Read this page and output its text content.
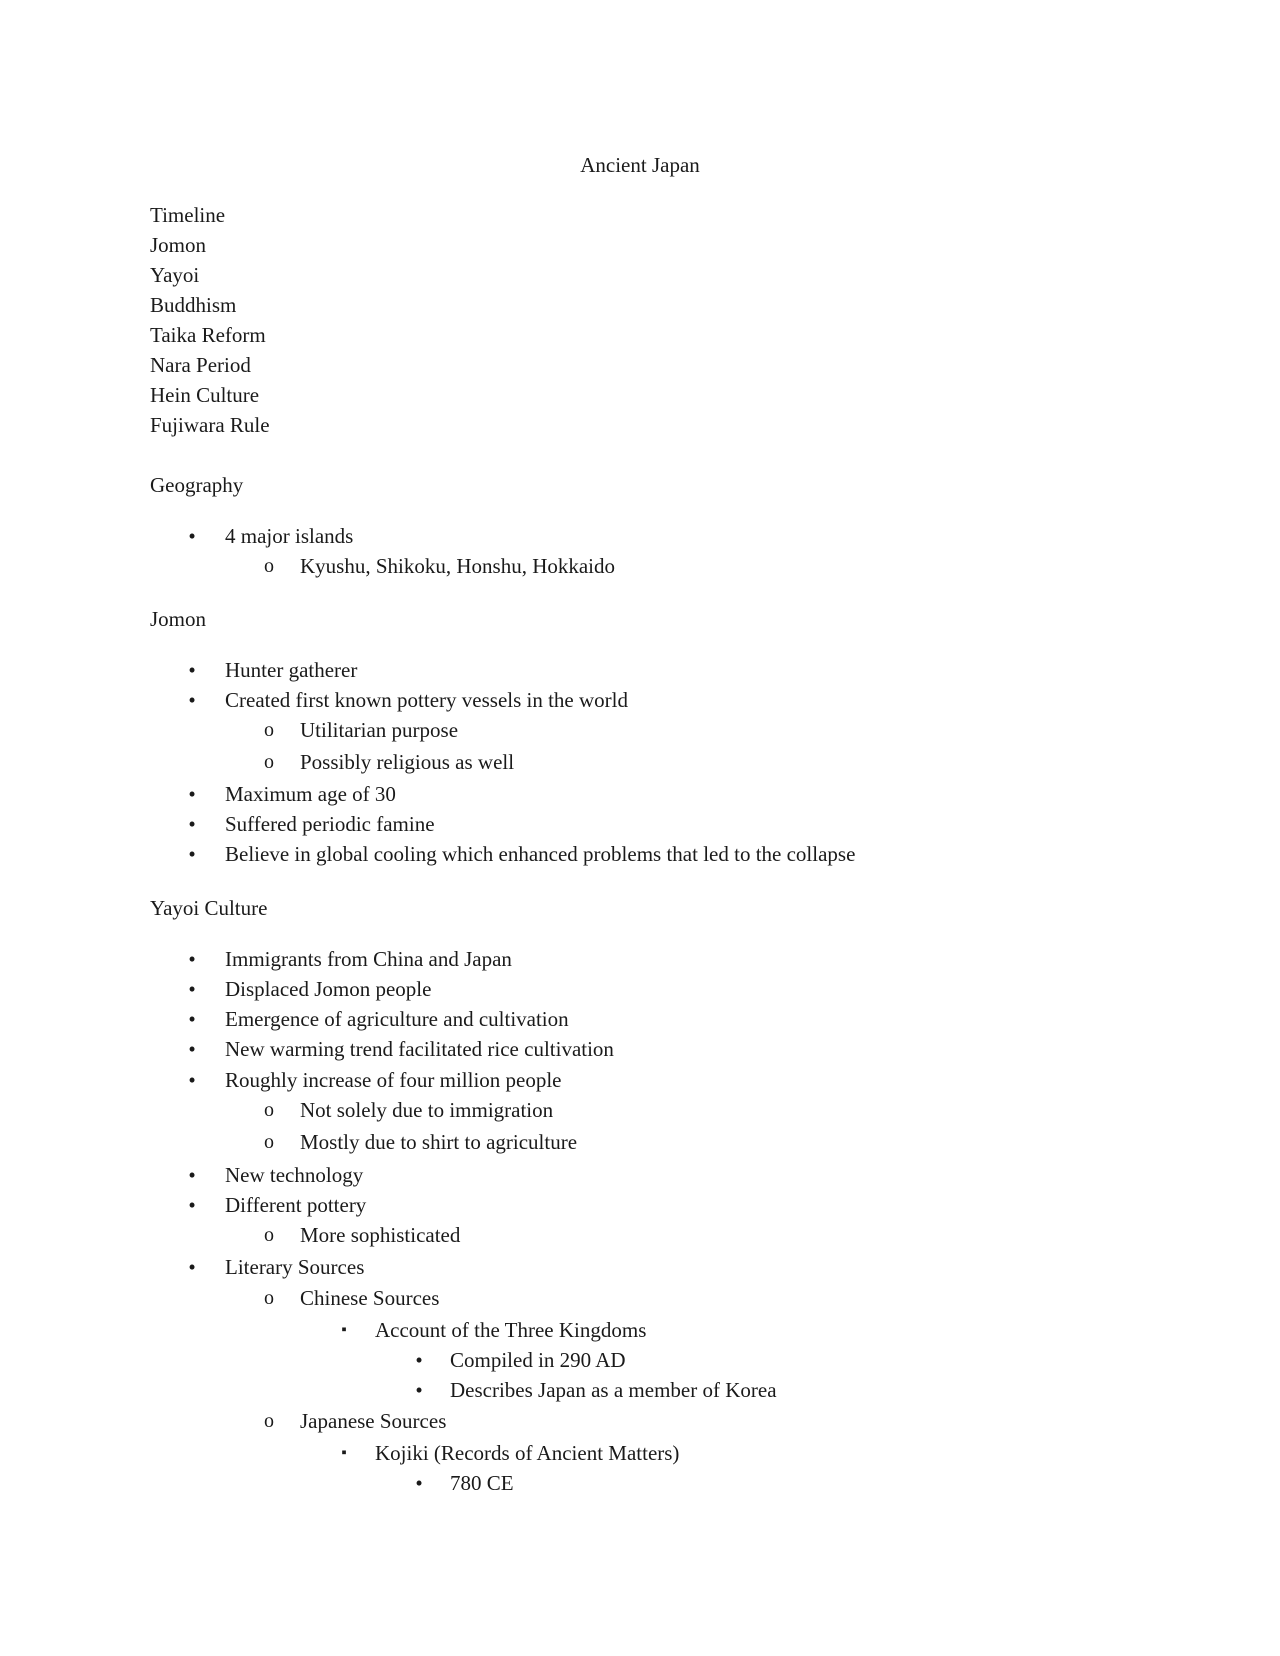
Ancient Japan
Timeline
Jomon
Yayoi
Buddhism
Taika Reform
Nara Period
Hein Culture
Fujiwara Rule
Geography
•	4 major islands
o Kyushu, Shikoku, Honshu, Hokkaido
Jomon
•	Hunter gatherer
•	Created first known pottery vessels in the world
o Utilitarian purpose
o Possibly religious as well
•	Maximum age of 30
•	Suffered periodic famine
•	Believe in global cooling which enhanced problems that led to the collapse
Yayoi Culture
•	Immigrants from China and Japan
•	Displaced Jomon people
•	Emergence of agriculture and cultivation
•	New warming trend facilitated rice cultivation
•	Roughly increase of four million people
o Not solely due to immigration
o Mostly due to shirt to agriculture
•	New technology
•	Different pottery
o More sophisticated
•	Literary Sources
o Chinese Sources
▪	Account of the Three Kingdoms
•	Compiled in 290 AD
•	Describes Japan as a member of Korea
o Japanese Sources
▪	Kojiki (Records of Ancient Matters)
•	780 CE
